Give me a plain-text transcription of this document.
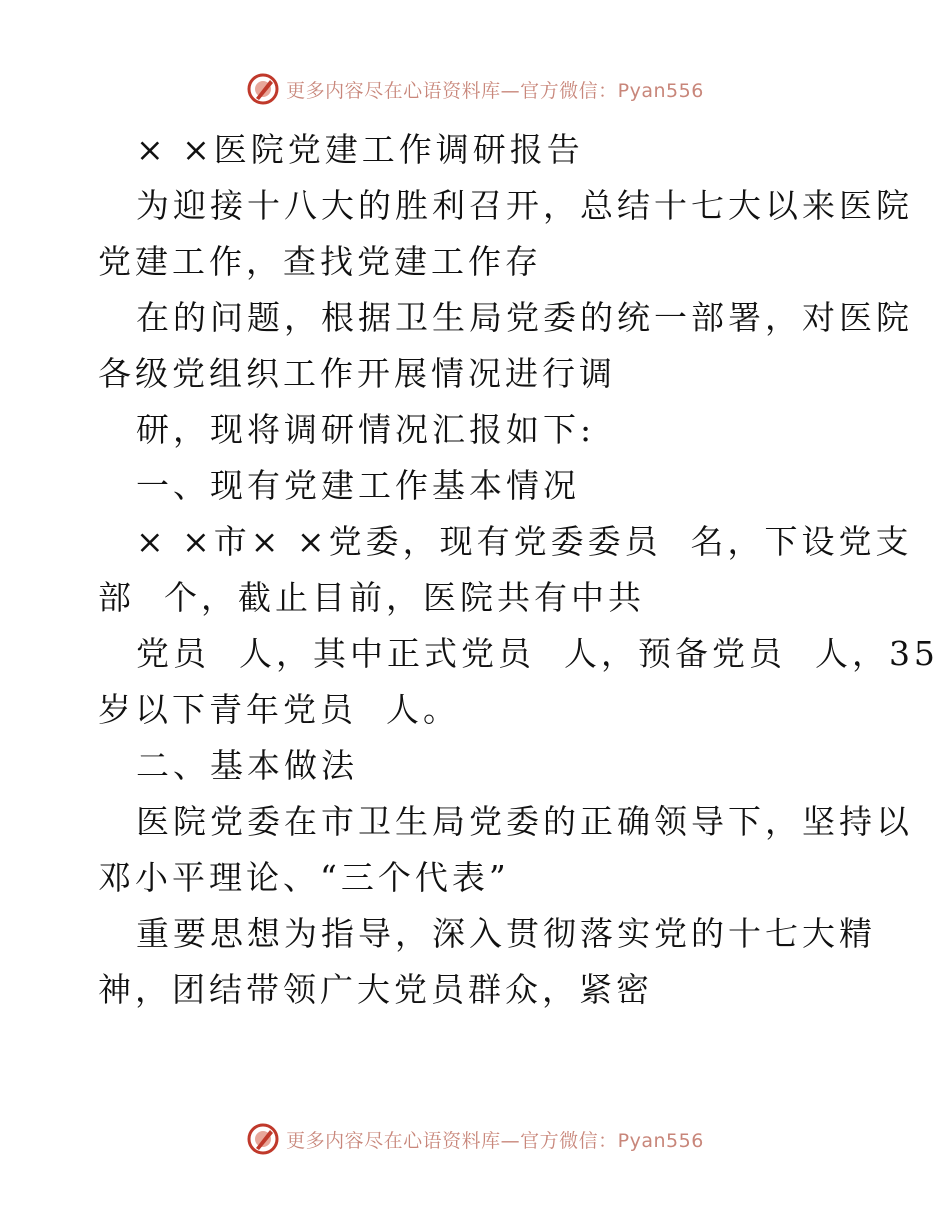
更多内容尽在心语资料库—官方微信：Pyan556
× ×医院党建工作调研报告
为迎接十八大的胜利召开，总结十七大以来医院
党建工作，查找党建工作存
在的问题，根据卫生局党委的统一部署，对医院
各级党组织工作开展情况进行调
研，现将调研情况汇报如下:
一、现有党建工作基本情况
× ×市× ×党委，现有党委委员  名，下设党支
部  个，截止目前，医院共有中共
党员  人，其中正式党员  人，预备党员  人，35
岁以下青年党员  人。
二、基本做法
医院党委在市卫生局党委的正确领导下，坚持以
邓小平理论、“三个代表”
重要思想为指导，深入贯彻落实党的十七大精
神，团结带领广大党员群众，紧密
更多内容尽在心语资料库—官方微信：Pyan556
